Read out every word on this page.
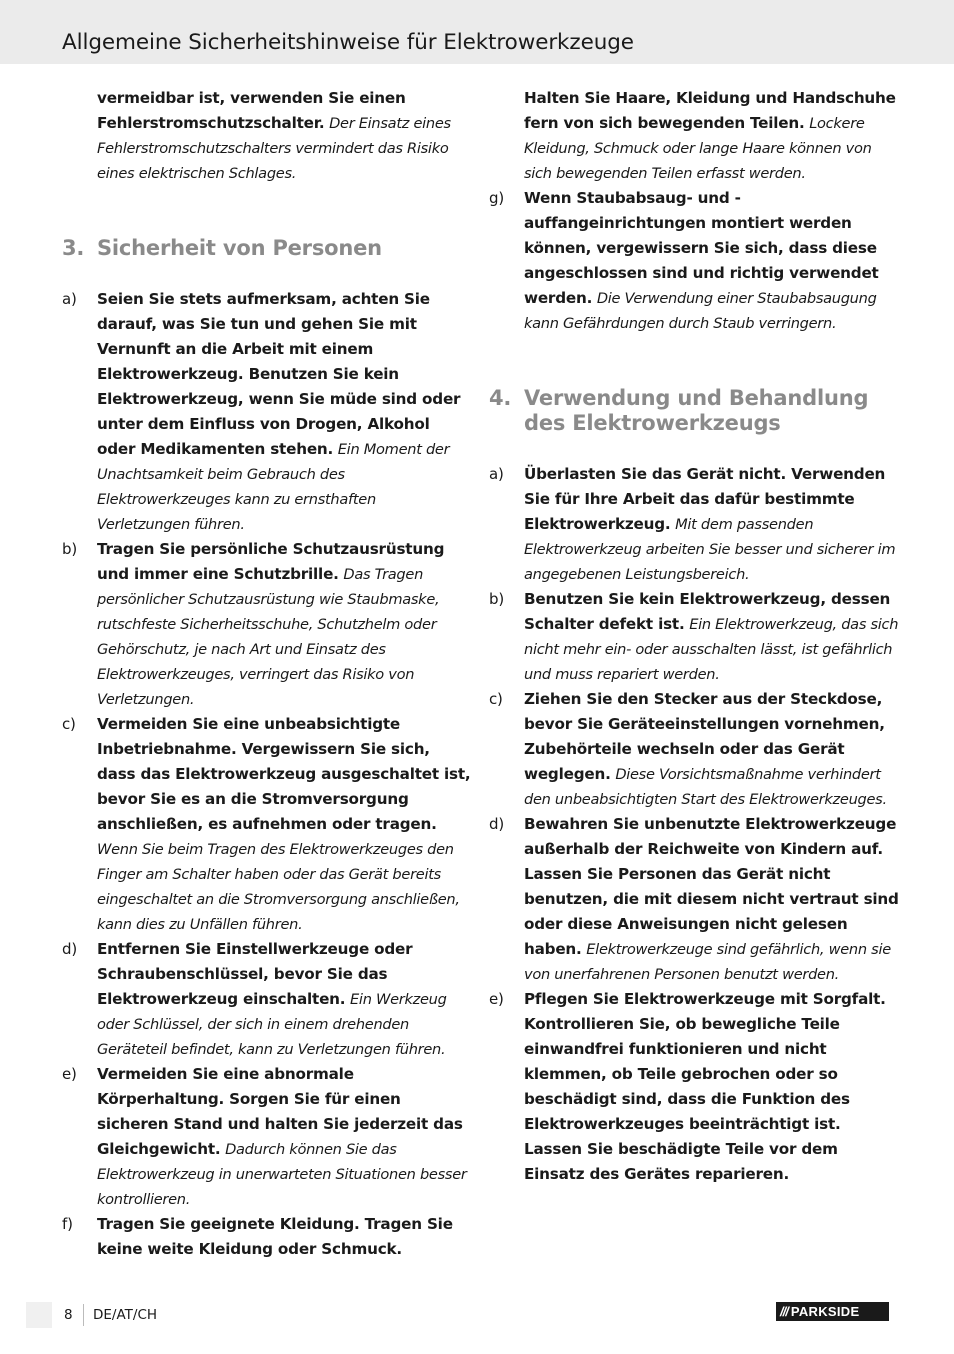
Allgemeine Sicherheitshinweise für Elektrowerkzeuge

vermeidbar ist, verwenden Sie einen Fehlerstromschutzschalter. Der Einsatz eines Fehlerstromschutzschalters vermindert das Risiko eines elektrischen Schlages.

3. Sicherheit von Personen
a)	Seien Sie stets aufmerksam, achten Sie darauf, was Sie tun und gehen Sie mit Vernunft an die Arbeit mit einem Elektrowerkzeug. Benutzen Sie kein Elektrowerkzeug, wenn Sie müde sind oder unter dem Einfluss von Drogen, Alkohol oder Medikamenten stehen. Ein Moment der Unachtsamkeit beim Gebrauch des Elektrowerkzeuges kann zu ernsthaften Verletzungen führen.
b)	Tragen Sie persönliche Schutzausrüstung und immer eine Schutzbrille. Das Tragen persönlicher Schutzausrüstung wie Staubmaske, rutschfeste Sicherheitsschuhe, Schutzhelm oder Gehörschutz, je nach Art und Einsatz des Elektrowerkzeuges, verringert das Risiko von Verletzungen.
c)	Vermeiden Sie eine unbeabsichtigte Inbetriebnahme. Vergewissern Sie sich, dass das Elektrowerkzeug ausgeschaltet ist, bevor Sie es an die Stromversorgung anschließen, es aufnehmen oder tragen. Wenn Sie beim Tragen des Elektrowerkzeuges den Finger am Schalter haben oder das Gerät bereits eingeschaltet an die Stromversorgung anschließen, kann dies zu Unfällen führen.
d)	Entfernen Sie Einstellwerkzeuge oder Schraubenschlüssel, bevor Sie das Elektrowerkzeug einschalten. Ein Werkzeug oder Schlüssel, der sich in einem drehenden Geräteteil befindet, kann zu Verletzungen führen.
e)	Vermeiden Sie eine abnormale Körperhaltung. Sorgen Sie für einen sicheren Stand und halten Sie jederzeit das Gleichgewicht. Dadurch können Sie das Elektrowerkzeug in unerwarteten Situationen besser kontrollieren.
f)	Tragen Sie geeignete Kleidung. Tragen Sie keine weite Kleidung oder Schmuck.

Halten Sie Haare, Kleidung und Handschuhe fern von sich bewegenden Teilen. Lockere Kleidung, Schmuck oder lange Haare können von sich bewegenden Teilen erfasst werden.

g)	Wenn Staubabsaug- und -auffangeinrichtungen montiert werden können, vergewissern Sie sich, dass diese angeschlossen sind und richtig verwendet werden. Die Verwendung einer Staubabsaugung kann Gefährdungen durch Staub verringern.
4. Verwendung und Behandlung des Elektrowerkzeugs
a)	Überlasten Sie das Gerät nicht. Verwenden Sie für Ihre Arbeit das dafür bestimmte Elektrowerkzeug. Mit dem passenden Elektrowerkzeug arbeiten Sie besser und sicherer im angegebenen Leistungsbereich.
b)	Benutzen Sie kein Elektrowerkzeug, dessen Schalter defekt ist. Ein Elektrowerkzeug, das sich nicht mehr ein- oder ausschalten lässt, ist gefährlich und muss repariert werden.
c)	Ziehen Sie den Stecker aus der Steckdose, bevor Sie Geräteeinstellungen vornehmen, Zubehörteile wechseln oder das Gerät weglegen. Diese Vorsichtsmaßnahme verhindert den unbeabsichtigten Start des Elektrowerkzeuges.
d)	Bewahren Sie unbenutzte Elektrowerkzeuge außerhalb der Reichweite von Kindern auf. Lassen Sie Personen das Gerät nicht benutzen, die mit diesem nicht vertraut sind oder diese Anweisungen nicht gelesen haben. Elektrowerkzeuge sind gefährlich, wenn sie von unerfahrenen Personen benutzt werden.
e)	Pflegen Sie Elektrowerkzeuge mit Sorgfalt. Kontrollieren Sie, ob bewegliche Teile einwandfrei funktionieren und nicht klemmen, ob Teile gebrochen oder so beschädigt sind, dass die Funktion des Elektrowerkzeuges beeinträchtigt ist. Lassen Sie beschädigte Teile vor dem Einsatz des Gerätes reparieren.
8 DE/AT/CH	/// PARKSIDE
